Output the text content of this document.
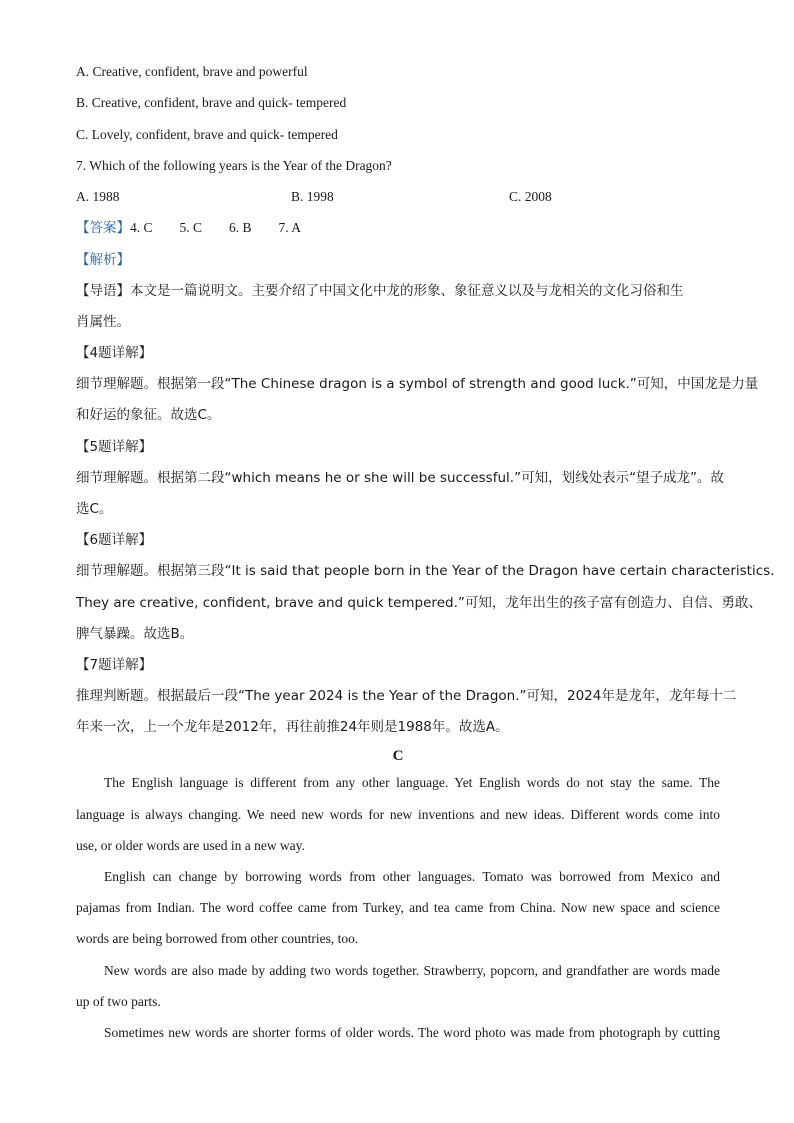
A. Creative, confident, brave and powerful
B. Creative, confident, brave and quick- tempered
C. Lovely, confident, brave and quick- tempered
7. Which of the following years is the Year of the Dragon?
A. 1988	B. 1998	C. 2008
【答案】4. C        5. C        6. B        7. A
【解析】
【导语】本文是一篇说明文。主要介绍了中国文化中龙的形象、象征意义以及与龙相关的文化习俗和生
肖属性。
【4题详解】
细节理解题。根据第一段“The Chinese dragon is a symbol of strength and good luck.”可知，中国龙是力量
和好运的象征。故选C。
【5题详解】
细节理解题。根据第二段“which means he or she will be successful.”可知，划线处表示“望子成龙”。故
选C。
【6题详解】
细节理解题。根据第三段“It is said that people born in the Year of the Dragon have certain characteristics.
They are creative, confident, brave and quick tempered.”可知，龙年出生的孩子富有创造力、自信、勇敢、
脾气暴躁。故选B。
【7题详解】
推理判断题。根据最后一段“The year 2024 is the Year of the Dragon.”可知，2024年是龙年，龙年每十二
年来一次，上一个龙年是2012年，再往前推24年则是1988年。故选A。
C
The English language is different from any other language. Yet English words do not stay the same. The
language is always changing. We need new words for new inventions and new ideas. Different words come into
use, or older words are used in a new way.
English can change by borrowing words from other languages. Tomato was borrowed from Mexico and
pajamas from Indian. The word coffee came from Turkey, and tea came from China. Now new space and science
words are being borrowed from other countries, too.
New words are also made by adding two words together. Strawberry, popcorn, and grandfather are words made
up of two parts.
Sometimes new words are shorter forms of older words. The word photo was made from photograph by cutting
